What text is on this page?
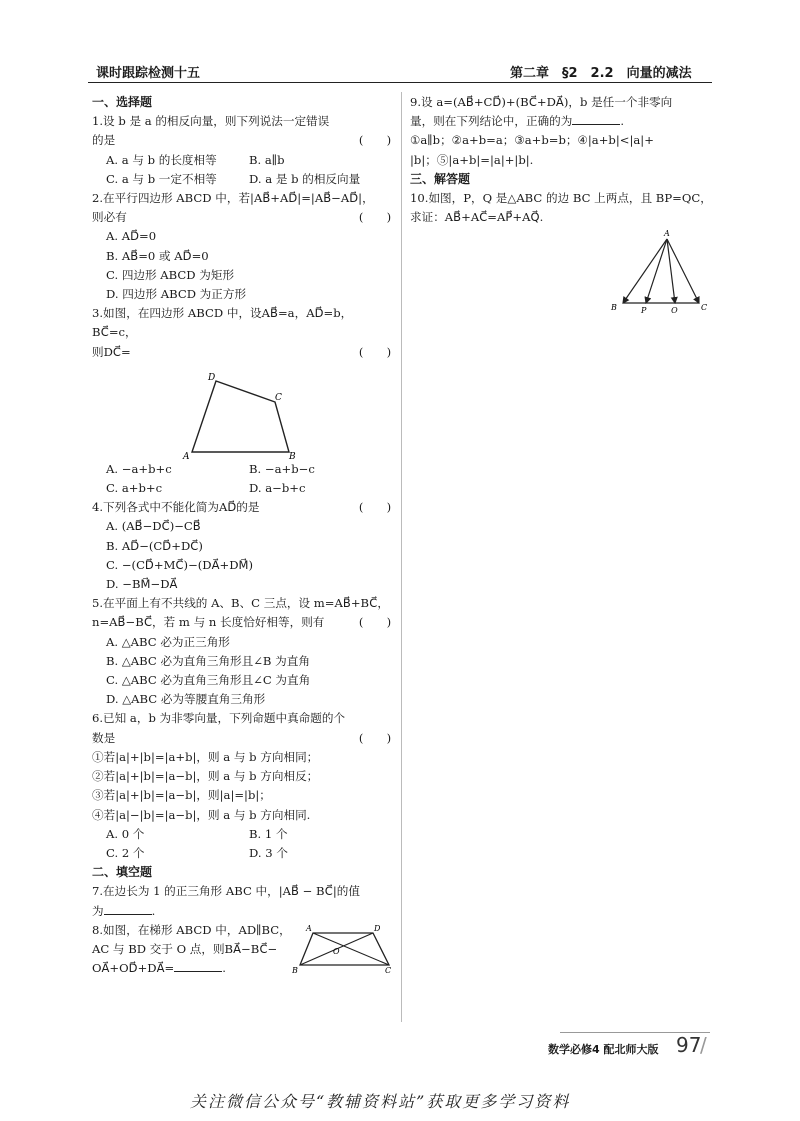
课时跟踪检测十五	第二章　§2　2.2　向量的减法
一、选择题
1.设 b 是 a 的相反向量，则下列说法一定错误
(　　)
的是
A. a 与 b 的长度相等	B. a∥b
C. a 与 b 一定不相等	D. a 是 b 的相反向量
2.在平行四边形 ABCD 中，若|AB⃗+AD⃗|=|AB⃗−AD⃗|，
(　　)
则必有
A. AD⃗=0
B. AB⃗=0 或 AD⃗=0
C. 四边形 ABCD 为矩形
D. 四边形 ABCD 为正方形
3.如图，在四边形 ABCD 中，设AB⃗=a，AD⃗=b，BC⃗=c，
(　　)
则DC⃗=
A	B
C
D
A. −a+b+c	B. −a+b−c
C. a+b+c	D. a−b+c
(　　)
4.下列各式中不能化简为AD⃗的是
A. (AB⃗−DC⃗)−CB⃗
B. AD⃗−(CD⃗+DC⃗)
C. −(CD⃗+MC⃗)−(DA⃗+DM⃗)
D. −BM⃗−DA⃗
5.在平面上有不共线的 A、B、C 三点，设 m=AB⃗+BC⃗，
(　　)
n=AB⃗−BC⃗，若 m 与 n 长度恰好相等，则有
A. △ABC 必为正三角形
B. △ABC 必为直角三角形且∠B 为直角
C. △ABC 必为直角三角形且∠C 为直角
D. △ABC 必为等腰直角三角形
6.已知 a，b 为非零向量，下列命题中真命题的个
(　　)
数是
①若|a|+|b|=|a+b|，则 a 与 b 方向相同；
②若|a|+|b|=|a−b|，则 a 与 b 方向相反；
③若|a|+|b|=|a−b|，则|a|=|b|；
④若|a|−|b|=|a−b|，则 a 与 b 方向相同.
A. 0 个	B. 1 个
C. 2 个	D. 3 个
二、填空题
7.在边长为 1 的正三角形 ABC 中，|AB⃗ − BC⃗|的值
为	.
8.如图，在梯形 ABCD 中，AD∥BC，
AC 与 BD 交于 O 点，则BA⃗−BC⃗−
OA⃗+OD⃗+DA⃗=	.
A	D
B	C
O
9.设 a=(AB⃗+CD⃗)+(BC⃗+DA⃗)，b 是任一个非零向
量，则在下列结论中，正确的为	.
①a∥b；②a+b=a；③a+b=b；④|a+b|<|a|+
|b|；⑤|a+b|=|a|+|b|.
三、解答题
10.如图，P，Q 是△ABC 的边 BC 上两点，且 BP=QC，
求证：AB⃗+AC⃗=AP⃗+AQ⃗.
A
B	P	Q	C
数学必修4 配北师大版 97
/
关注微信公众号“教辅资料站”获取更多学习资料
